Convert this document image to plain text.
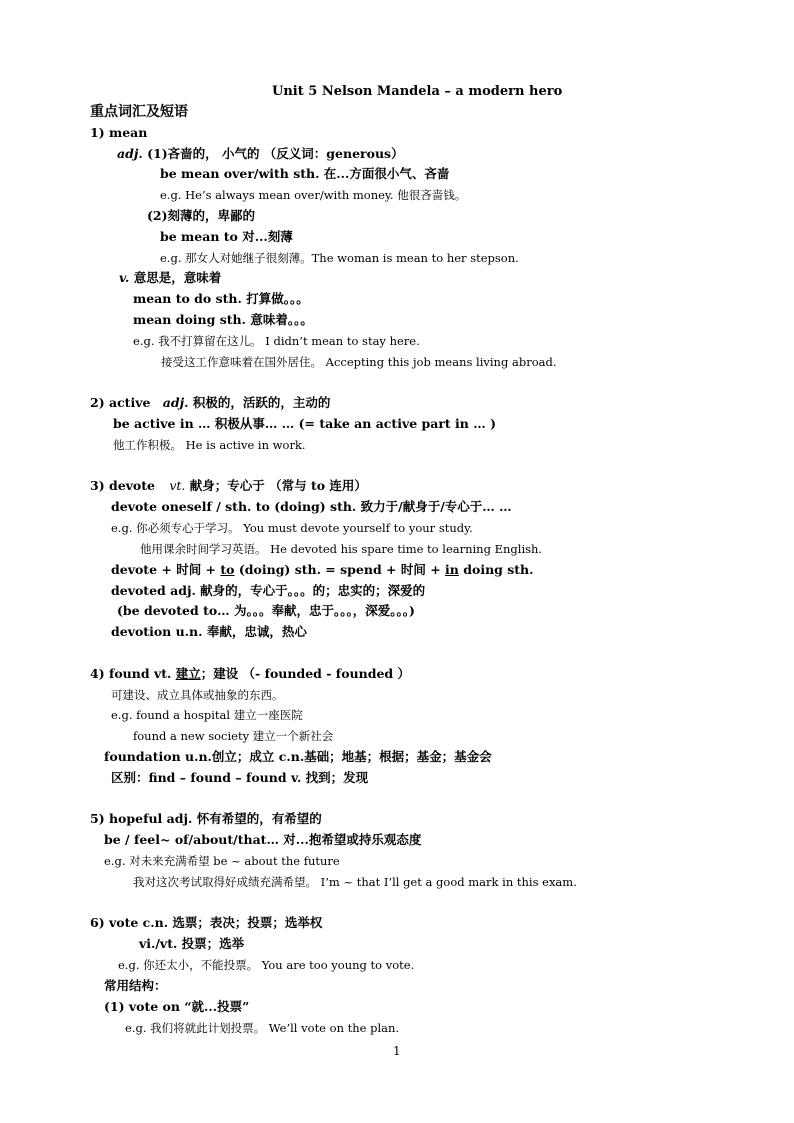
Unit 5 Nelson Mandela – a modern hero
重点词汇及短语
1) mean
adj. (1)吝啬的， 小气的 （反义词：generous）
be mean over/with sth. 在...方面很小气、吝啬
e.g. He’s always mean over/with money. 他很吝啬钱。
(2)刻薄的，卑鄙的
be mean to 对...刻薄
e.g. 那女人对她继子很刻薄。The woman is mean to her stepson.
v. 意思是，意味着
mean to do sth. 打算做。。。
mean doing sth. 意味着。。。
e.g. 我不打算留在这儿。 I didn’t mean to stay here.
接受这工作意味着在国外居住。 Accepting this job means living abroad.
2) active adj. 积极的，活跃的，主动的
be active in … 积极从事… … (= take an active part in … )
他工作积极。 He is active in work.
3) devote vt. 献身；专心于 （常与 to 连用）
devote oneself / sth. to (doing) sth. 致力于/献身于/专心于… …
e.g. 你必须专心于学习。 You must devote yourself to your study.
他用课余时间学习英语。 He devoted his spare time to learning English.
devote + 时间 + to (doing) sth. = spend + 时间 + in doing sth.
devoted adj. 献身的，专心于。。。的；忠实的；深爱的
(be devoted to… 为。。。奉献，忠于。。。，深爱。。。)
devotion u.n. 奉献，忠诚，热心
4) found vt. 建立；建设 （- founded - founded ）
可建设、成立具体或抽象的东西。
e.g. found a hospital 建立一座医院
found a new society 建立一个新社会
foundation u.n.创立；成立 c.n.基础；地基；根据；基金；基金会
区别：find – found – found v. 找到；发现
5) hopeful adj. 怀有希望的，有希望的
be / feel~ of/about/that… 对...抱希望或持乐观态度
e.g. 对未来充满希望 be ~ about the future
我对这次考试取得好成绩充满希望。 I’m ~ that I’ll get a good mark in this exam.
6) vote c.n. 选票；表决；投票；选举权
vi./vt. 投票；选举
e.g. 你还太小，不能投票。 You are too young to vote.
常用结构：
(1) vote on “就...投票”
e.g. 我们将就此计划投票。 We’ll vote on the plan.
1
